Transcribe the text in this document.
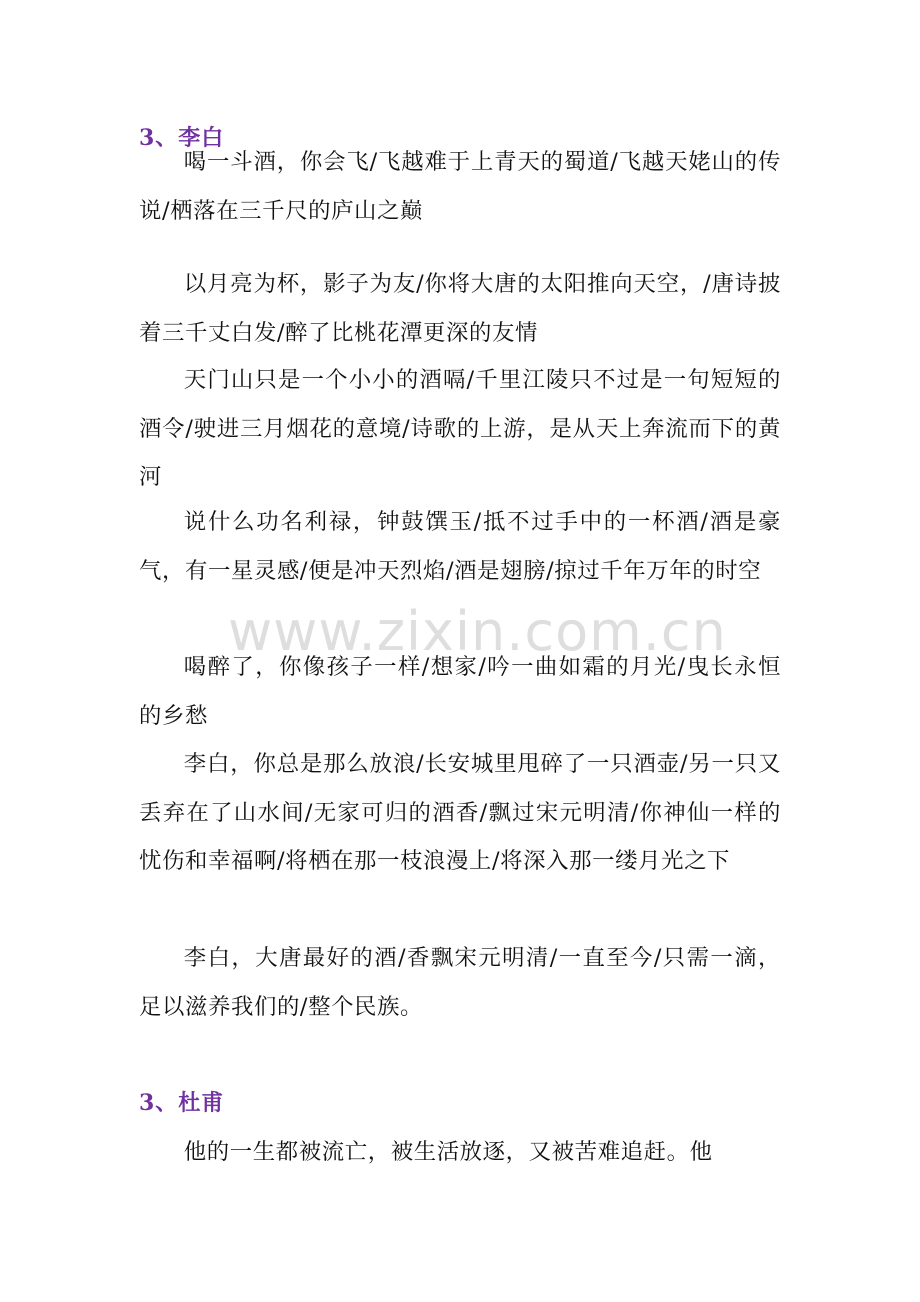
3、李白

喝一斗酒，你会飞/飞越难于上青天的蜀道/飞越天姥山的传说/栖落在三千尺的庐山之巅

以月亮为杯，影子为友/你将大唐的太阳推向天空，/唐诗披着三千丈白发/醉了比桃花潭更深的友情

天门山只是一个小小的酒嗝/千里江陵只不过是一句短短的酒令/驶进三月烟花的意境/诗歌的上游，是从天上奔流而下的黄河

说什么功名利禄，钟鼓馔玉/抵不过手中的一杯酒/酒是豪气，有一星灵感/便是冲天烈焰/酒是翅膀/掠过千年万年的时空

喝醉了，你像孩子一样/想家/吟一曲如霜的月光/曳长永恒的乡愁

李白，你总是那么放浪/长安城里甩碎了一只酒壶/另一只又丢弃在了山水间/无家可归的酒香/飘过宋元明清/你神仙一样的忧伤和幸福啊/将栖在那一枝浪漫上/将深入那一缕月光之下

李白，大唐最好的酒/香飘宋元明清/一直至今/只需一滴，足以滋养我们的/整个民族。

3、杜甫

他的一生都被流亡，被生活放逐，又被苦难追赶。他

www.zixin.com.cn
